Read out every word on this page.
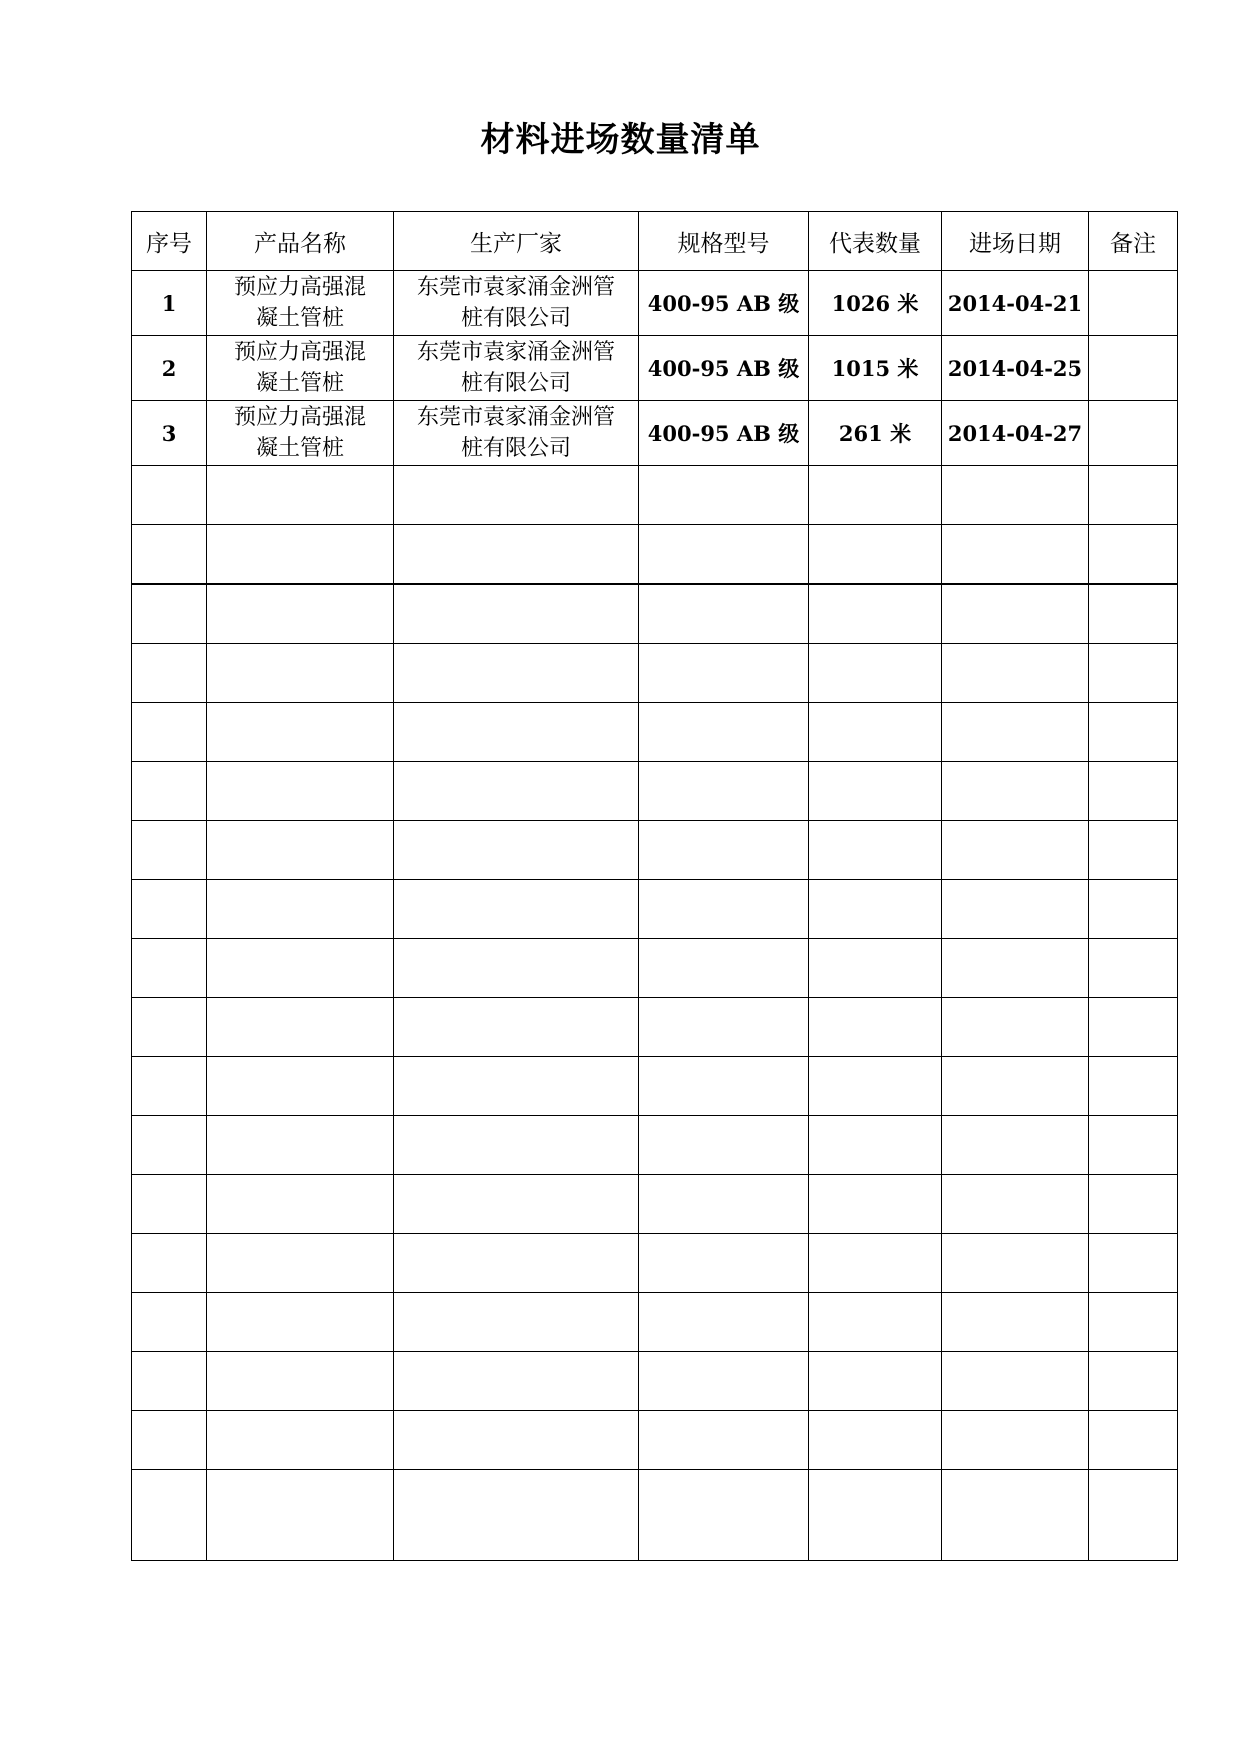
材料进场数量清单
序号	产品名称	生产厂家	规格型号	代表数量	进场日期	备注
1	预应力高强混凝土管桩	东莞市袁家涌金洲管桩有限公司	400-95 AB 级	1026 米	2014-04-21	
2	预应力高强混凝土管桩	东莞市袁家涌金洲管桩有限公司	400-95 AB 级	1015 米	2014-04-25	
3	预应力高强混凝土管桩	东莞市袁家涌金洲管桩有限公司	400-95 AB 级	261 米	2014-04-27	
